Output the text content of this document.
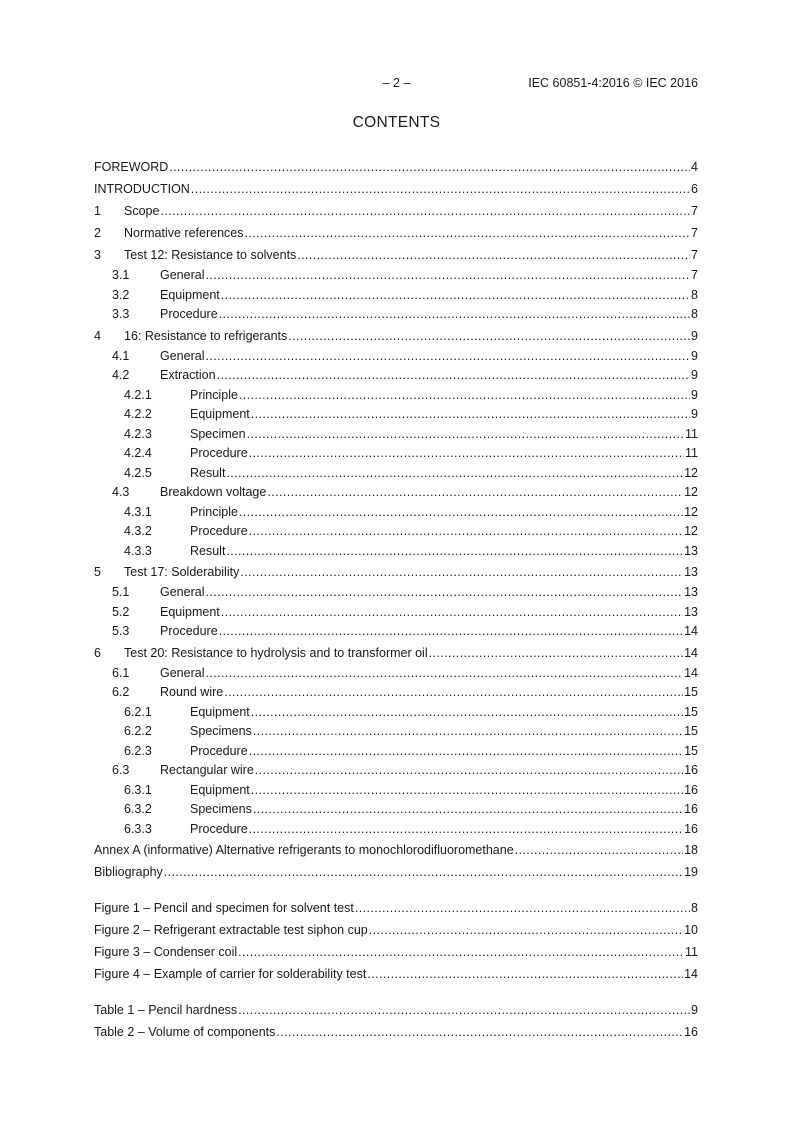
– 2 –	IEC 60851-4:2016 © IEC 2016
CONTENTS
FOREWORD .....	4
INTRODUCTION .....	6
1	Scope .....	7
2	Normative references .....	7
3	Test 12: Resistance to solvents .....	7
3.1	General .....	7
3.2	Equipment .....	8
3.3	Procedure .....	8
4	16: Resistance to refrigerants .....	9
4.1	General .....	9
4.2	Extraction .....	9
4.2.1	Principle .....	9
4.2.2	Equipment .....	9
4.2.3	Specimen .....	11
4.2.4	Procedure .....	11
4.2.5	Result .....	12
4.3	Breakdown voltage .....	12
4.3.1	Principle .....	12
4.3.2	Procedure .....	12
4.3.3	Result .....	13
5	Test 17: Solderability .....	13
5.1	General .....	13
5.2	Equipment .....	13
5.3	Procedure .....	14
6	Test 20: Resistance to hydrolysis and to transformer oil .....	14
6.1	General .....	14
6.2	Round wire .....	15
6.2.1	Equipment .....	15
6.2.2	Specimens .....	15
6.2.3	Procedure .....	15
6.3	Rectangular wire .....	16
6.3.1	Equipment .....	16
6.3.2	Specimens .....	16
6.3.3	Procedure .....	16
Annex A (informative) Alternative refrigerants to monochlorodifluoromethane .....	18
Bibliography .....	19
Figure 1 – Pencil and specimen for solvent test .....	8
Figure 2 – Refrigerant extractable test siphon cup .....	10
Figure 3 – Condenser coil .....	11
Figure 4 – Example of carrier for solderability test .....	14
Table 1 – Pencil hardness .....	9
Table 2 – Volume of components .....	16
